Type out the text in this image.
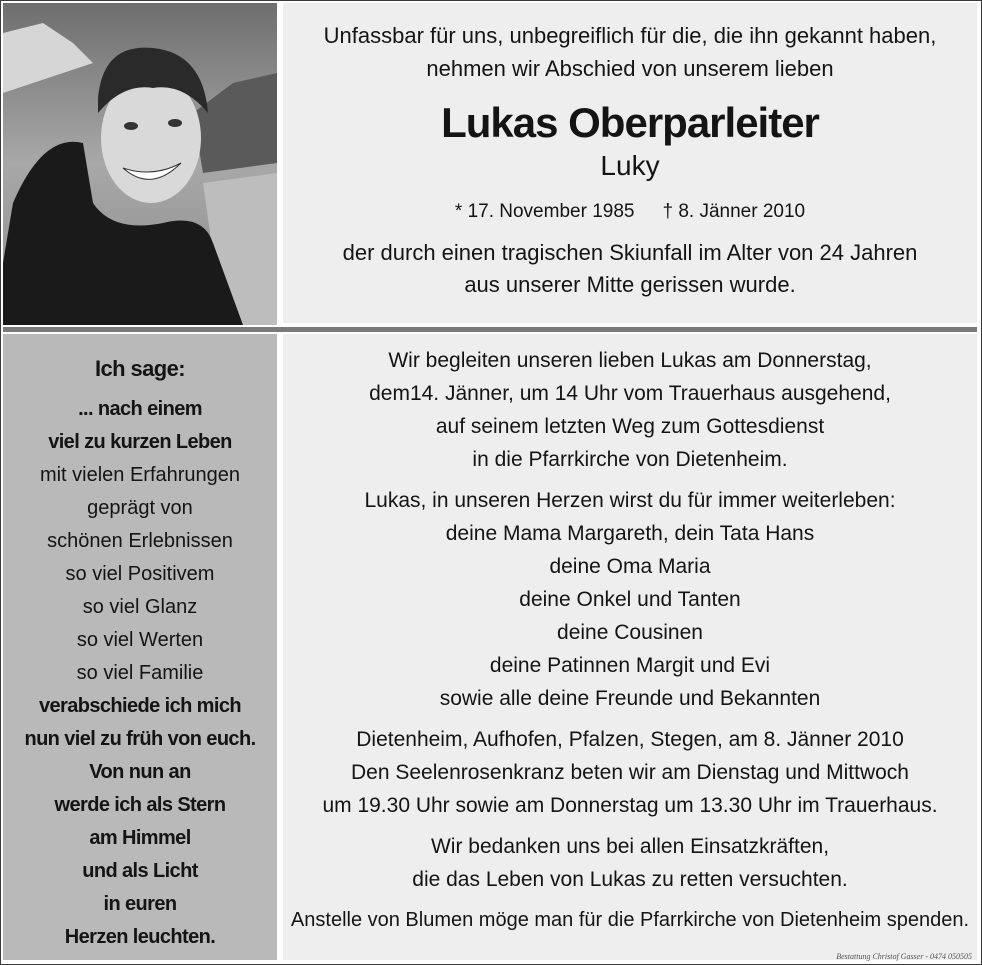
Unfassbar für uns, unbegreiflich für die, die ihn gekannt haben,

nehmen wir Abschied von unserem lieben

Lukas Oberparleiter

Luky

* 17. November 1985 † 8. Jänner 2010

der durch einen tragischen Skiunfall im Alter von 24 Jahren

aus unserer Mitte gerissen wurde.

Ich sage:

... nach einem

viel zu kurzen Leben

mit vielen Erfahrungen

geprägt von

schönen Erlebnissen

so viel Positivem

so viel Glanz

so viel Werten

so viel Familie

verabschiede ich mich

nun viel zu früh von euch.

Von nun an

werde ich als Stern

am Himmel

und als Licht

in euren

Herzen leuchten.

Wir begleiten unseren lieben Lukas am Donnerstag,

dem14. Jänner, um 14 Uhr vom Trauerhaus ausgehend,

auf seinem letzten Weg zum Gottesdienst

in die Pfarrkirche von Dietenheim.

Lukas, in unseren Herzen wirst du für immer weiterleben:

deine Mama Margareth, dein Tata Hans

deine Oma Maria

deine Onkel und Tanten

deine Cousinen

deine Patinnen Margit und Evi

sowie alle deine Freunde und Bekannten

Dietenheim, Aufhofen, Pfalzen, Stegen, am 8. Jänner 2010

Den Seelenrosenkranz beten wir am Dienstag und Mittwoch

um 19.30 Uhr sowie am Donnerstag um 13.30 Uhr im Trauerhaus.

Wir bedanken uns bei allen Einsatzkräften,

die das Leben von Lukas zu retten versuchten.

Anstelle von Blumen möge man für die Pfarrkirche von Dietenheim spenden.

Bestattung Christof Gasser - 0474 050505
